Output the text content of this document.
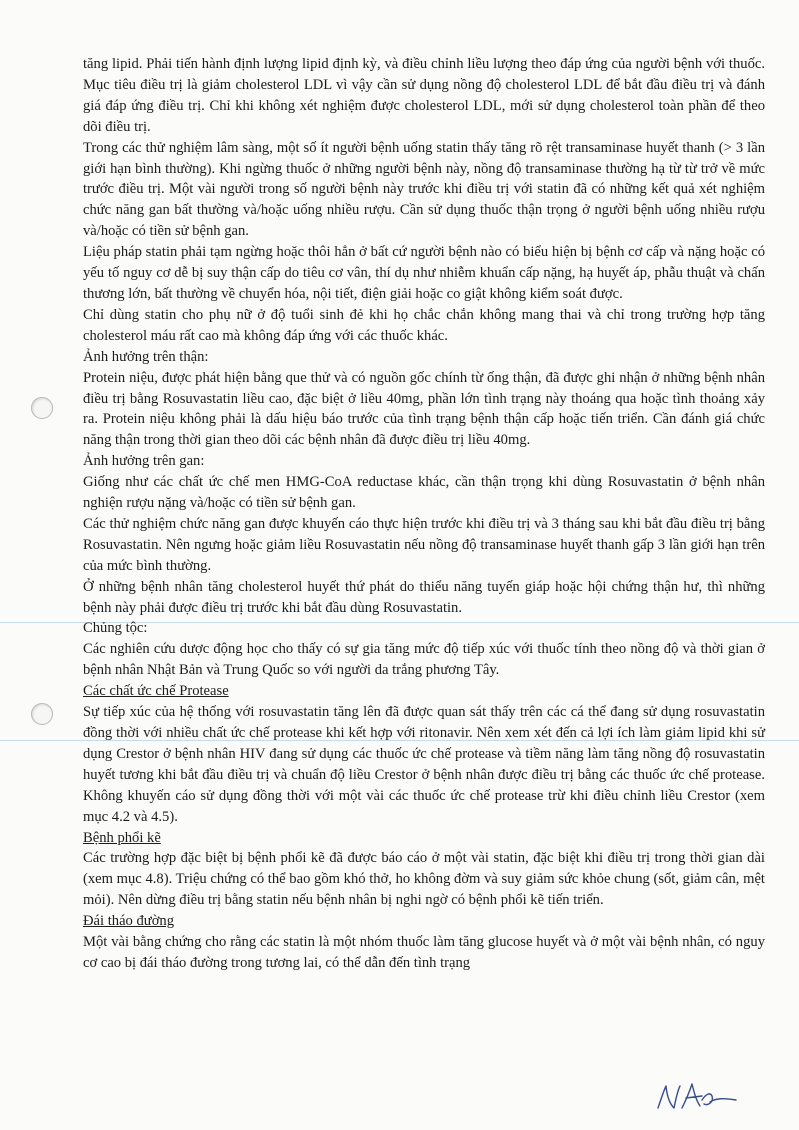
tăng lipid. Phải tiến hành định lượng lipid định kỳ, và điều chỉnh liều lượng theo đáp ứng của người bệnh với thuốc. Mục tiêu điều trị là giảm cholesterol LDL vì vậy cần sử dụng nồng độ cholesterol LDL để bắt đầu điều trị và đánh giá đáp ứng điều trị. Chỉ khi không xét nghiệm được cholesterol LDL, mới sử dụng cholesterol toàn phần để theo dõi điều trị.

Trong các thử nghiệm lâm sàng, một số ít người bệnh uống statin thấy tăng rõ rệt transaminase huyết thanh (> 3 lần giới hạn bình thường). Khi ngừng thuốc ở những người bệnh này, nồng độ transaminase thường hạ từ từ trở về mức trước điều trị. Một vài người trong số người bệnh này trước khi điều trị với statin đã có những kết quả xét nghiệm chức năng gan bất thường và/hoặc uống nhiều rượu. Cần sử dụng thuốc thận trọng ở người bệnh uống nhiều rượu và/hoặc có tiền sử bệnh gan.

Liệu pháp statin phải tạm ngừng hoặc thôi hẳn ở bất cứ người bệnh nào có biểu hiện bị bệnh cơ cấp và nặng hoặc có yếu tố nguy cơ dễ bị suy thận cấp do tiêu cơ vân, thí dụ như nhiễm khuẩn cấp nặng, hạ huyết áp, phẫu thuật và chấn thương lớn, bất thường về chuyển hóa, nội tiết, điện giải hoặc co giật không kiểm soát được.

Chỉ dùng statin cho phụ nữ ở độ tuổi sinh đẻ khi họ chắc chắn không mang thai và chỉ trong trường hợp tăng cholesterol máu rất cao mà không đáp ứng với các thuốc khác.

Ảnh hưởng trên thận:

Protein niệu, được phát hiện bằng que thử và có nguồn gốc chính từ ống thận, đã được ghi nhận ở những bệnh nhân điều trị bằng Rosuvastatin liều cao, đặc biệt ở liều 40mg, phần lớn tình trạng này thoáng qua hoặc tình thoảng xảy ra. Protein niệu không phải là dấu hiệu báo trước của tình trạng bệnh thận cấp hoặc tiến triển. Cần đánh giá chức năng thận trong thời gian theo dõi các bệnh nhân đã được điều trị liều 40mg.

Ảnh hưởng trên gan:

Giống như các chất ức chế men HMG-CoA reductase khác, cần thận trọng khi dùng Rosuvastatin ở bệnh nhân nghiện rượu nặng và/hoặc có tiền sử bệnh gan.

Các thử nghiệm chức năng gan được khuyến cáo thực hiện trước khi điều trị và 3 tháng sau khi bắt đầu điều trị bằng Rosuvastatin. Nên ngưng hoặc giảm liều Rosuvastatin nếu nồng độ transaminase huyết thanh gấp 3 lần giới hạn trên của mức bình thường.

Ở những bệnh nhân tăng cholesterol huyết thứ phát do thiểu năng tuyến giáp hoặc hội chứng thận hư, thì những bệnh này phải được điều trị trước khi bắt đầu dùng Rosuvastatin.

Chủng tộc:

Các nghiên cứu dược động học cho thấy có sự gia tăng mức độ tiếp xúc với thuốc tính theo nồng độ và thời gian ở bệnh nhân Nhật Bản và Trung Quốc so với người da trắng phương Tây.

Các chất ức chế Protease

Sự tiếp xúc của hệ thống với rosuvastatin tăng lên đã được quan sát thấy trên các cá thể đang sử dụng rosuvastatin đồng thời với nhiều chất ức chế protease khi kết hợp với ritonavir. Nên xem xét đến cả lợi ích làm giảm lipid khi sử dụng Crestor ở bệnh nhân HIV đang sử dụng các thuốc ức chế protease và tiềm năng làm tăng nồng độ rosuvastatin huyết tương khi bắt đầu điều trị và chuẩn độ liều Crestor ở bệnh nhân được điều trị bằng các thuốc ức chế protease. Không khuyến cáo sử dụng đồng thời với một vài các thuốc ức chế protease trừ khi điều chỉnh liều Crestor (xem mục 4.2 và 4.5).

Bệnh phổi kẽ

Các trường hợp đặc biệt bị bệnh phổi kẽ đã được báo cáo ở một vài statin, đặc biệt khi điều trị trong thời gian dài (xem mục 4.8). Triệu chứng có thể bao gồm khó thở, ho không đờm và suy giảm sức khỏe chung (sốt, giảm cân, mệt mỏi). Nên dừng điều trị bằng statin nếu bệnh nhân bị nghi ngờ có bệnh phổi kẽ tiến triển.

Đái tháo đường

Một vài bằng chứng cho rằng các statin là một nhóm thuốc làm tăng glucose huyết và ở một vài bệnh nhân, có nguy cơ cao bị đái tháo đường trong tương lai, có thể dẫn đến tình trạng
